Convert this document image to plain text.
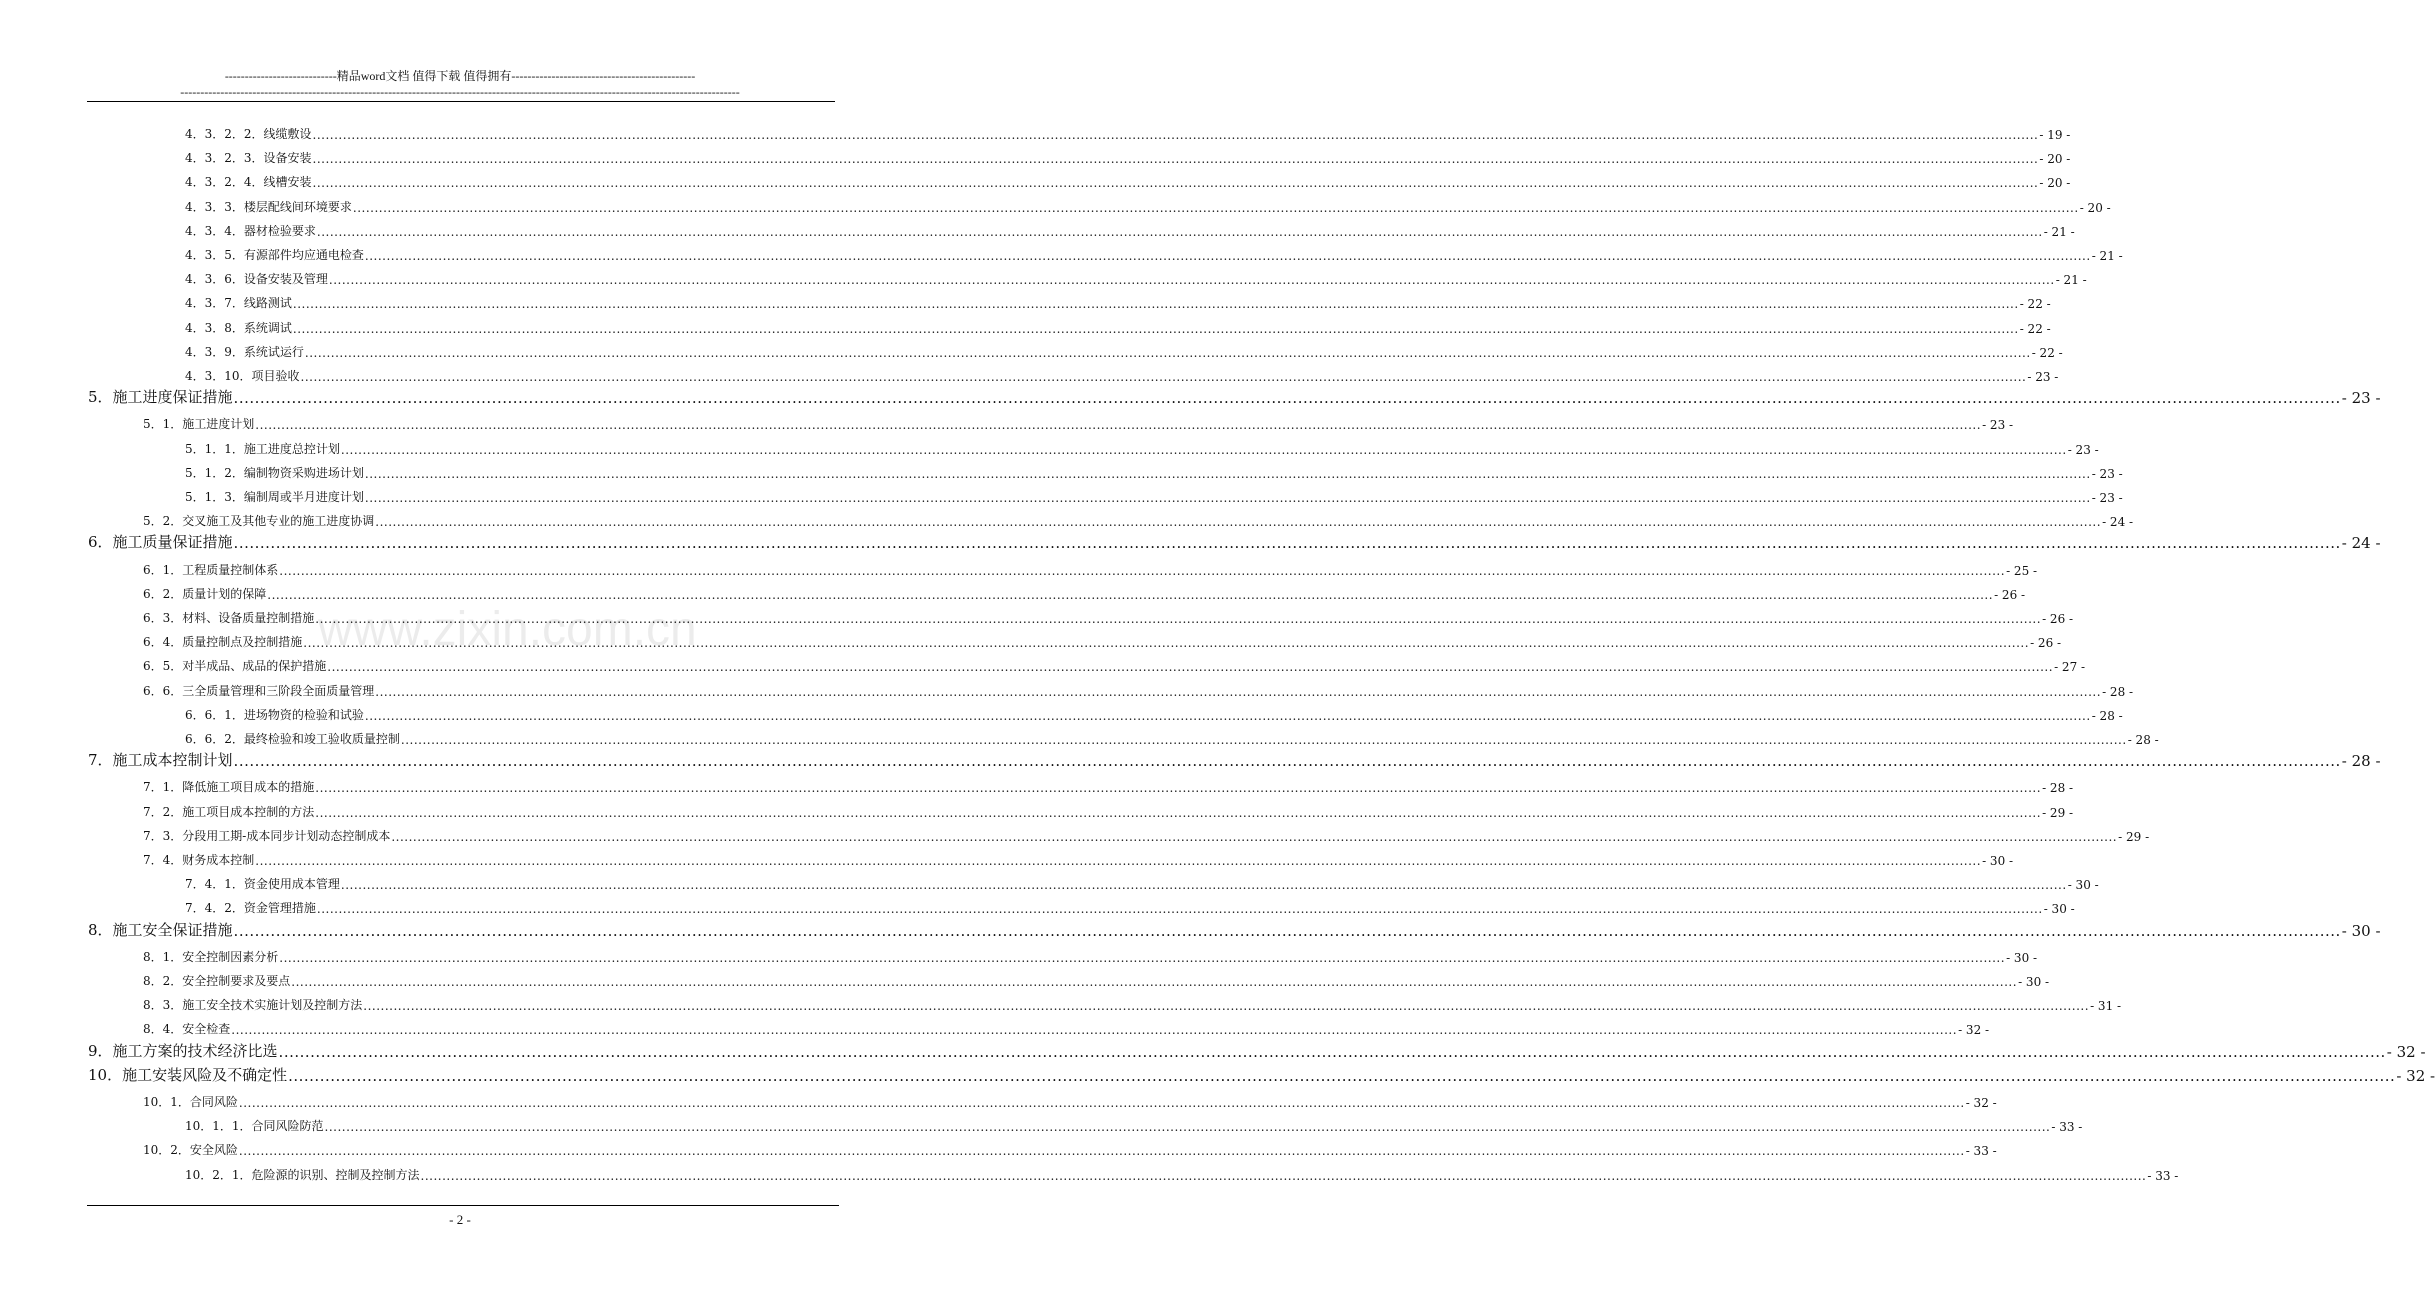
----------------------------精品word文档 值得下载 值得拥有----------------------------------------------
--------------------------------------------------------------------------------------------------------------------------------------------
4．3．2．2．线缆敷设 ................................................................................................................................................................................................................................................................................................................................................................................................................ - 19 -
4．3．2．3．设备安装 ................................................................................................................................................................................................................................................................................................................................................................................................................ - 20 -
4．3．2．4．线槽安装 ................................................................................................................................................................................................................................................................................................................................................................................................................ - 20 -
4．3．3．楼层配线间环境要求 ................................................................................................................................................................................................................................................................................................................................................................................................................ - 20 -
4．3．4．器材检验要求 ................................................................................................................................................................................................................................................................................................................................................................................................................ - 21 -
4．3．5．有源部件均应通电检查 ................................................................................................................................................................................................................................................................................................................................................................................................................ - 21 -
4．3．6．设备安装及管理 ................................................................................................................................................................................................................................................................................................................................................................................................................ - 21 -
4．3．7．线路测试 ................................................................................................................................................................................................................................................................................................................................................................................................................ - 22 -
4．3．8．系统调试 ................................................................................................................................................................................................................................................................................................................................................................................................................ - 22 -
4．3．9．系统试运行 ................................................................................................................................................................................................................................................................................................................................................................................................................ - 22 -
4．3．10．项目验收 ................................................................................................................................................................................................................................................................................................................................................................................................................ - 23 -
5．施工进度保证措施 ................................................................................................................................................................................................................................................................................................................................................................................................................ - 23 -
5．1．施工进度计划 ................................................................................................................................................................................................................................................................................................................................................................................................................ - 23 -
5．1．1．施工进度总控计划 ................................................................................................................................................................................................................................................................................................................................................................................................................ - 23 -
5．1．2．编制物资采购进场计划 ................................................................................................................................................................................................................................................................................................................................................................................................................ - 23 -
5．1．3．编制周或半月进度计划 ................................................................................................................................................................................................................................................................................................................................................................................................................ - 23 -
5．2．交叉施工及其他专业的施工进度协调 ................................................................................................................................................................................................................................................................................................................................................................................................................ - 24 -
6．施工质量保证措施 ................................................................................................................................................................................................................................................................................................................................................................................................................ - 24 -
6．1．工程质量控制体系 ................................................................................................................................................................................................................................................................................................................................................................................................................ - 25 -
6．2．质量计划的保障 ................................................................................................................................................................................................................................................................................................................................................................................................................ - 26 -
6．3．材料、设备质量控制措施 ................................................................................................................................................................................................................................................................................................................................................................................................................ - 26 -
6．4．质量控制点及控制措施 ................................................................................................................................................................................................................................................................................................................................................................................................................ - 26 -
6．5．对半成品、成品的保护措施 ................................................................................................................................................................................................................................................................................................................................................................................................................ - 27 -
6．6．三全质量管理和三阶段全面质量管理 ................................................................................................................................................................................................................................................................................................................................................................................................................ - 28 -
6．6．1．进场物资的检验和试验 ................................................................................................................................................................................................................................................................................................................................................................................................................ - 28 -
6．6．2．最终检验和竣工验收质量控制 ................................................................................................................................................................................................................................................................................................................................................................................................................ - 28 -
7．施工成本控制计划 ................................................................................................................................................................................................................................................................................................................................................................................................................ - 28 -
7．1．降低施工项目成本的措施 ................................................................................................................................................................................................................................................................................................................................................................................................................ - 28 -
7．2．施工项目成本控制的方法 ................................................................................................................................................................................................................................................................................................................................................................................................................ - 29 -
7．3．分段用工期-成本同步计划动态控制成本 ................................................................................................................................................................................................................................................................................................................................................................................................................ - 29 -
7．4．财务成本控制 ................................................................................................................................................................................................................................................................................................................................................................................................................ - 30 -
7．4．1．资金使用成本管理 ................................................................................................................................................................................................................................................................................................................................................................................................................ - 30 -
7．4．2．资金管理措施 ................................................................................................................................................................................................................................................................................................................................................................................................................ - 30 -
8．施工安全保证措施 ................................................................................................................................................................................................................................................................................................................................................................................................................ - 30 -
8．1．安全控制因素分析 ................................................................................................................................................................................................................................................................................................................................................................................................................ - 30 -
8．2．安全控制要求及要点 ................................................................................................................................................................................................................................................................................................................................................................................................................ - 30 -
8．3．施工安全技术实施计划及控制方法 ................................................................................................................................................................................................................................................................................................................................................................................................................ - 31 -
8．4．安全检查 ................................................................................................................................................................................................................................................................................................................................................................................................................ - 32 -
9．施工方案的技术经济比选 ................................................................................................................................................................................................................................................................................................................................................................................................................ - 32 -
10．施工安装风险及不确定性 ................................................................................................................................................................................................................................................................................................................................................................................................................ - 32 -
10．1．合同风险 ................................................................................................................................................................................................................................................................................................................................................................................................................ - 32 -
10．1．1．合同风险防范 ................................................................................................................................................................................................................................................................................................................................................................................................................ - 33 -
10．2．安全风险 ................................................................................................................................................................................................................................................................................................................................................................................................................ - 33 -
10．2．1．危险源的识别、控制及控制方法 ................................................................................................................................................................................................................................................................................................................................................................................................................ - 33 -
www.zixin.com.cn
- 2 -
